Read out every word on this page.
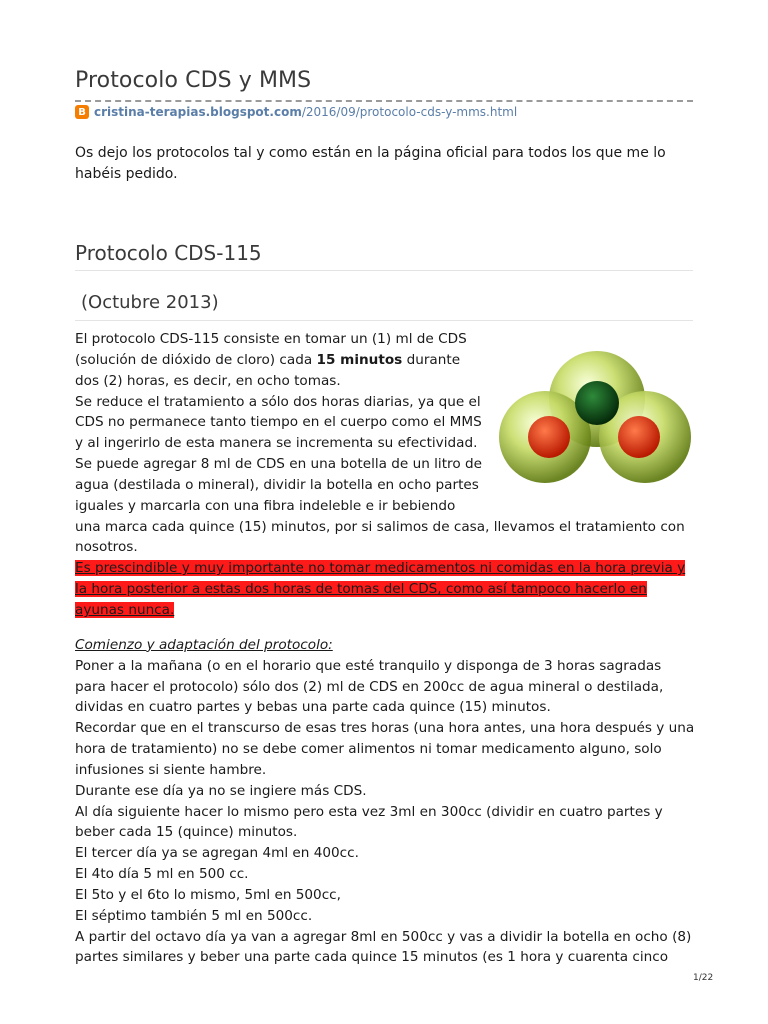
Protocolo CDS y MMS
B cristina-terapias.blogspot.com/2016/09/protocolo-cds-y-mms.html

Os dejo los protocolos tal y como están en la página oficial para todos los que me lo habéis pedido.

Protocolo CDS-115
(Octubre 2013)

El protocolo CDS-115 consiste en tomar un (1) ml de CDS (solución de dióxido de cloro) cada 15 minutos durante dos (2) horas, es decir, en ocho tomas.

Se reduce el tratamiento a sólo dos horas diarias, ya que el CDS no permanece tanto tiempo en el cuerpo como el MMS y al ingerirlo de esta manera se incrementa su efectividad.

Se puede agregar 8 ml de CDS en una botella de un litro de agua (destilada o mineral), dividir la botella en ocho partes iguales y marcarla con una fibra indeleble e ir bebiendo una marca cada quince (15) minutos, por si salimos de casa, llevamos el tratamiento con nosotros.

Es prescindible y muy importante no tomar medicamentos ni comidas en la hora previa y la hora posterior a estas dos horas de tomas del CDS, como así tampoco hacerlo en ayunas nunca.

Comienzo y adaptación del protocolo:

Poner a la mañana (o en el horario que esté tranquilo y disponga de 3 horas sagradas para hacer el protocolo) sólo dos (2) ml de CDS en 200cc de agua mineral o destilada, dividas en cuatro partes y bebas una parte cada quince (15) minutos.

Recordar que en el transcurso de esas tres horas (una hora antes, una hora después y una hora de tratamiento) no se debe comer alimentos ni tomar medicamento alguno, solo infusiones si siente hambre.

Durante ese día ya no se ingiere más CDS.

Al día siguiente hacer lo mismo pero esta vez 3ml en 300cc (dividir en cuatro partes y beber cada 15 (quince) minutos.

El tercer día ya se agregan 4ml en 400cc.

El 4to día 5 ml en 500 cc.

El 5to y el 6to lo mismo, 5ml en 500cc,

El séptimo también 5 ml en 500cc.

A partir del octavo día ya van a agregar 8ml en 500cc y vas a dividir la botella en ocho (8) partes similares y beber una parte cada quince 15 minutos (es 1 hora y cuarenta cinco

1/22
